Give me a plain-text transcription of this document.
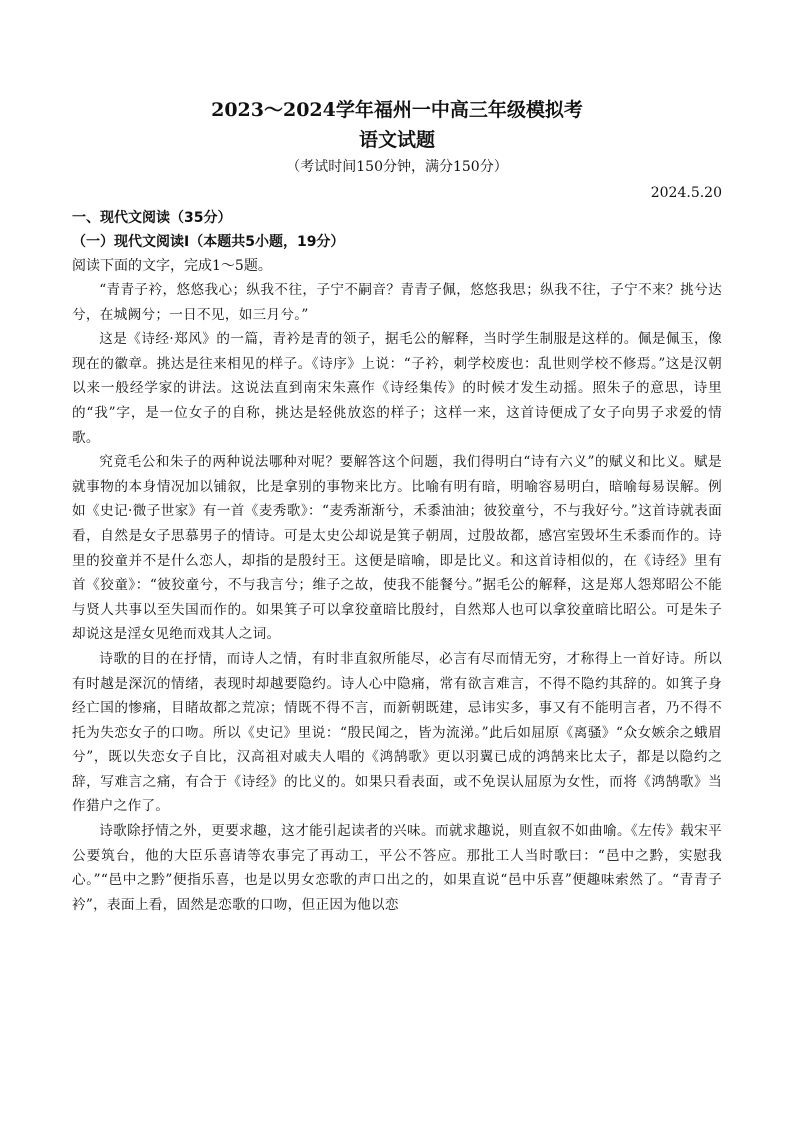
2023～2024学年福州一中高三年级模拟考
语文试题

（考试时间150分钟，满分150分）

2024.5.20

一、现代文阅读（35分）

（一）现代文阅读Ⅰ（本题共5小题，19分）

阅读下面的文字，完成1～5题。

“青青子衿，悠悠我心；纵我不往，子宁不嗣音？青青子佩，悠悠我思；纵我不往，子宁不来？挑兮达兮，在城阙兮；一日不见，如三月兮。”

这是《诗经·郑风》的一篇，青衿是青的领子，据毛公的解释，当时学生制服是这样的。佩是佩玉，像现在的徽章。挑达是往来相见的样子。《诗序》上说：“子衿，刺学校废也：乱世则学校不修焉。”这是汉朝以来一般经学家的讲法。这说法直到南宋朱熹作《诗经集传》的时候才发生动摇。照朱子的意思，诗里的“我”字，是一位女子的自称，挑达是轻佻放恣的样子；这样一来，这首诗便成了女子向男子求爱的情歌。

究竟毛公和朱子的两种说法哪种对呢？要解答这个问题，我们得明白“诗有六义”的赋义和比义。赋是就事物的本身情况加以铺叙，比是拿别的事物来比方。比喻有明有暗，明喻容易明白，暗喻每易误解。例如《史记·微子世家》有一首《麦秀歌》：“麦秀渐渐兮，禾黍油油；彼狡童兮，不与我好兮。”这首诗就表面看，自然是女子思慕男子的情诗。可是太史公却说是箕子朝周，过殷故都，感宫室毁坏生禾黍而作的。诗里的狡童并不是什么恋人，却指的是殷纣王。这便是暗喻，即是比义。和这首诗相似的，在《诗经》里有首《狡童》：“彼狡童兮，不与我言兮；维子之故，使我不能餐兮。”据毛公的解释，这是郑人怨郑昭公不能与贤人共事以至失国而作的。如果箕子可以拿狡童暗比殷纣，自然郑人也可以拿狡童暗比昭公。可是朱子却说这是淫女见绝而戏其人之词。

诗歌的目的在抒情，而诗人之情，有时非直叙所能尽，必言有尽而情无穷，才称得上一首好诗。所以有时越是深沉的情绪，表现时却越要隐约。诗人心中隐痛，常有欲言难言，不得不隐约其辞的。如箕子身经亡国的惨痛，目睹故都之荒凉；情既不得不言，而新朝既建，忌讳实多，事又有不能明言者，乃不得不托为失恋女子的口吻。所以《史记》里说：“殷民闻之，皆为流涕。”此后如屈原《离骚》“众女嫉余之蛾眉兮”，既以失恋女子自比，汉高祖对戚夫人唱的《鸿鹄歌》更以羽翼已成的鸿鹄来比太子，都是以隐约之辞，写难言之痛，有合于《诗经》的比义的。如果只看表面，或不免误认屈原为女性，而将《鸿鹄歌》当作猎户之作了。

诗歌除抒情之外，更要求趣，这才能引起读者的兴味。而就求趣说，则直叙不如曲喻。《左传》载宋平公要筑台，他的大臣乐喜请等农事完了再动工，平公不答应。那批工人当时歌曰：“邑中之黔，实慰我心。”“邑中之黔”便指乐喜，也是以男女恋歌的声口出之的，如果直说“邑中乐喜”便趣味索然了。“青青子衿”，表面上看，固然是恋歌的口吻，但正因为他以恋
